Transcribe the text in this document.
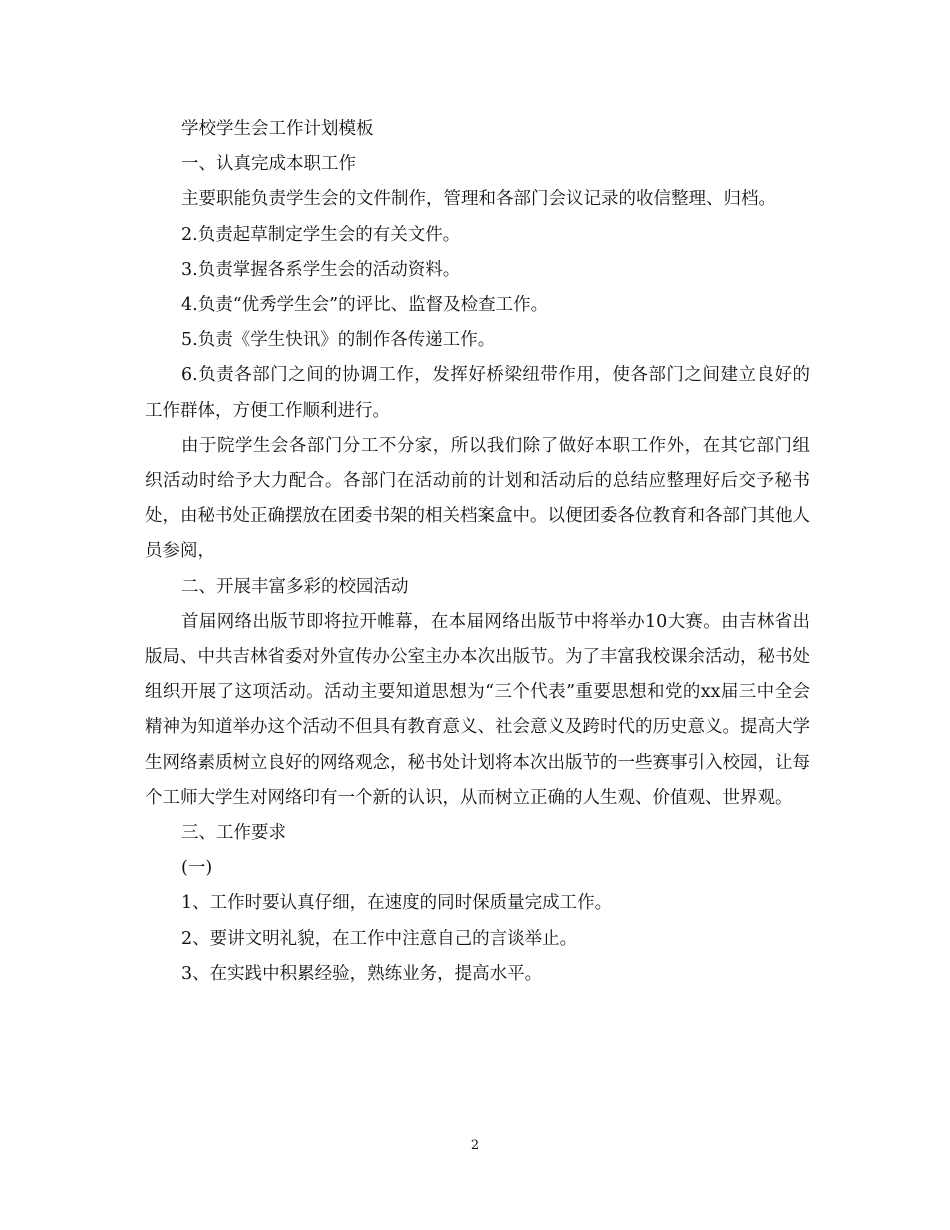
学校学生会工作计划模板

一、认真完成本职工作

主要职能负责学生会的文件制作，管理和各部门会议记录的收信整理、归档。

2.负责起草制定学生会的有关文件。

3.负责掌握各系学生会的活动资料。

4.负责“优秀学生会”的评比、监督及检查工作。

5.负责《学生快讯》的制作各传递工作。

6.负责各部门之间的协调工作，发挥好桥梁纽带作用，使各部门之间建立良好的工作群体，方便工作顺利进行。

由于院学生会各部门分工不分家，所以我们除了做好本职工作外，在其它部门组织活动时给予大力配合。各部门在活动前的计划和活动后的总结应整理好后交予秘书处，由秘书处正确摆放在团委书架的相关档案盒中。以便团委各位教育和各部门其他人员参阅，

二、开展丰富多彩的校园活动

首届网络出版节即将拉开帷幕，在本届网络出版节中将举办10大赛。由吉林省出版局、中共吉林省委对外宣传办公室主办本次出版节。为了丰富我校课余活动，秘书处组织开展了这项活动。活动主要知道思想为“三个代表”重要思想和党的xx届三中全会精神为知道举办这个活动不但具有教育意义、社会意义及跨时代的历史意义。提高大学生网络素质树立良好的网络观念，秘书处计划将本次出版节的一些赛事引入校园，让每个工师大学生对网络印有一个新的认识，从而树立正确的人生观、价值观、世界观。

三、工作要求

(一)

1、工作时要认真仔细，在速度的同时保质量完成工作。

2、要讲文明礼貌，在工作中注意自己的言谈举止。

3、在实践中积累经验，熟练业务，提高水平。

2
